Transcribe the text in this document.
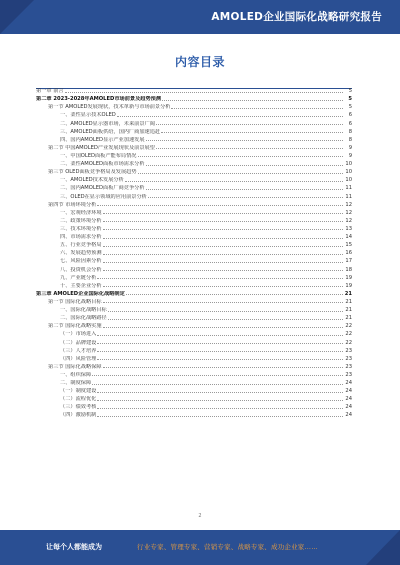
AMOLED企业国际化战略研究报告
内容目录
第一章 前言	5
第二章 2023-2028年AMOLED市场前景及趋势预测	5
第一节 AMOLED发展现状，技术革新与市场前景分析	5
一、柔性显示技术OLED	6
二、AMOLED显示器市场，未来前景广阔	6
三、AMOLED面板供给，国内厂商加速追赶	8
四、国内AMOLED显示产业加速发展	8
第二节 中国AMOLED产业发展现状及前景展望	9
一、中国OLED面板产能布局情况	9
二、柔性AMOLED面板市场需求分析	10
第三节 OLED面板竞争格局及发展趋势	10
一、AMOLED技术发展分析	10
二、国内AMOLED面板厂商竞争分析	11
三、OLED在显示领域的应用前景分析	11
第四节 市场环境分析	12
一、宏观经济环境	12
二、政策环境分析	12
三、技术环境分析	13
四、市场需求分析	14
五、行业竞争格局	15
六、发展趋势预测	16
七、风险因素分析	17
八、投资机会分析	18
九、产业链分析	19
十、主要企业分析	19
第三章 AMOLED企业国际化战略制定	21
第一节 国际化战略目标	21
一、国际化战略目标	21
二、国际化战略路径	21
第二节 国际化战略实施	22
（一）市场进入	22
（二）品牌建设	22
（三）人才培养	23
（四）风险管理	23
第三节 国际化战略保障	23
一、组织保障	23
二、制度保障	24
（一）制度建设	24
（二）流程优化	24
（三）绩效考核	24
（四）激励机制	24
2
让每个人都能成为	行业专家、管理专家、营销专家、战略专家、成功企业家……
